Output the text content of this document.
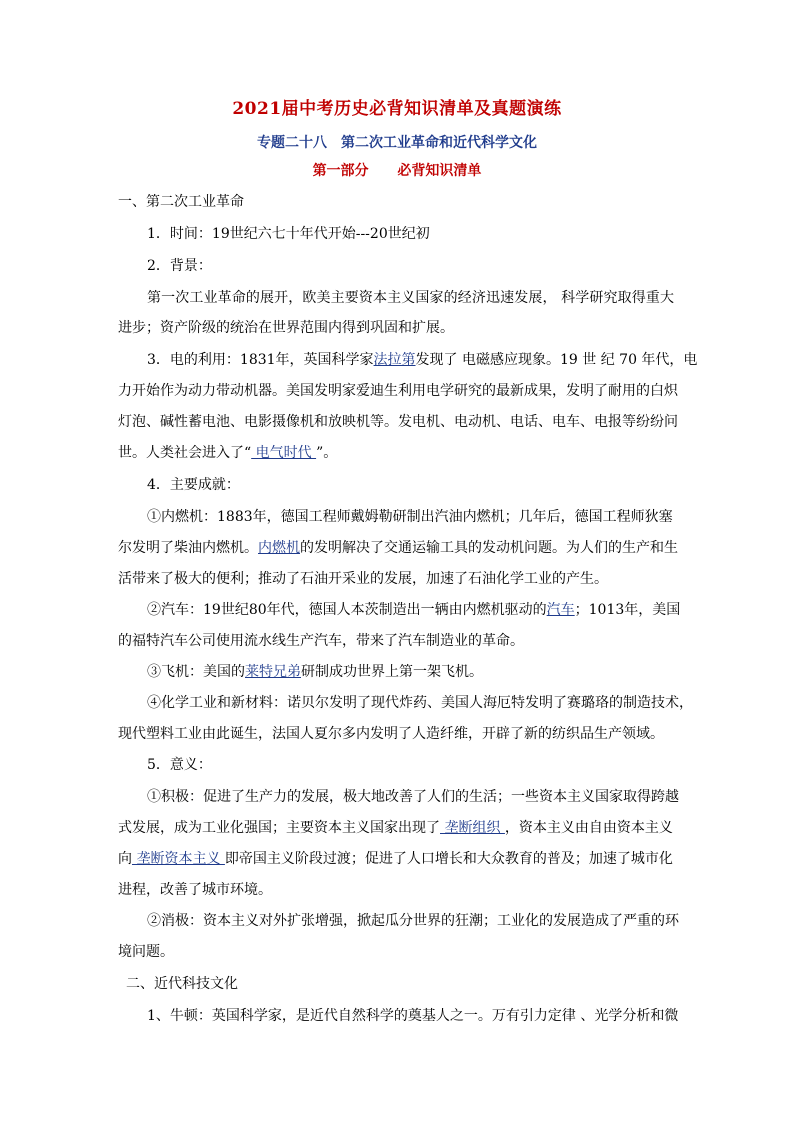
2021届中考历史必背知识清单及真题演练
专题二十八　第二次工业革命和近代科学文化
第一部分　 必背知识清单
一、第二次工业革命
1．时间：19世纪六七十年代开始---20世纪初
2．背景：
第一次工业革命的展开，欧美主要资本主义国家的经济迅速发展， 科学研究取得重大
进步；资产阶级的统治在世界范围内得到巩固和扩展。
3．电的利用：1831年，英国科学家法拉第发现了 电磁感应现象。19 世 纪 70 年代，电
力开始作为动力带动机器。美国发明家爱迪生利用电学研究的最新成果，发明了耐用的白炽
灯泡、碱性蓄电池、电影摄像机和放映机等。发电机、电动机、电话、电车、电报等纷纷问
世。人类社会进入了“ 电气时代 ”。
4．主要成就：
①内燃机：1883年，德国工程师戴姆勒研制出汽油内燃机；几年后，德国工程师狄塞
尔发明了柴油内燃机。内燃机的发明解决了交通运输工具的发动机问题。为人们的生产和生
活带来了极大的便利；推动了石油开采业的发展，加速了石油化学工业的产生。
②汽车：19世纪80年代，德国人本茨制造出一辆由内燃机驱动的汽车；1013年，美国
的福特汽车公司使用流水线生产汽车，带来了汽车制造业的革命。
③飞机：美国的莱特兄弟研制成功世界上第一架飞机。
④化学工业和新材料：诺贝尔发明了现代炸药、美国人海厄特发明了赛璐珞的制造技术，
现代塑料工业由此诞生，法国人夏尔多内发明了人造纤维，开辟了新的纺织品生产领域。
5．意义：
①积极：促进了生产力的发展，极大地改善了人们的生活；一些资本主义国家取得跨越
式发展，成为工业化强国；主要资本主义国家出现了 垄断组织 ，资本主义由自由资本主义
向 垄断资本主义 即帝国主义阶段过渡；促进了人口增长和大众教育的普及；加速了城市化
进程，改善了城市环境。
②消极：资本主义对外扩张增强，掀起瓜分世界的狂潮；工业化的发展造成了严重的环
境问题。
二、近代科技文化
1、牛顿：英国科学家，是近代自然科学的奠基人之一。万有引力定律 、光学分析和微
